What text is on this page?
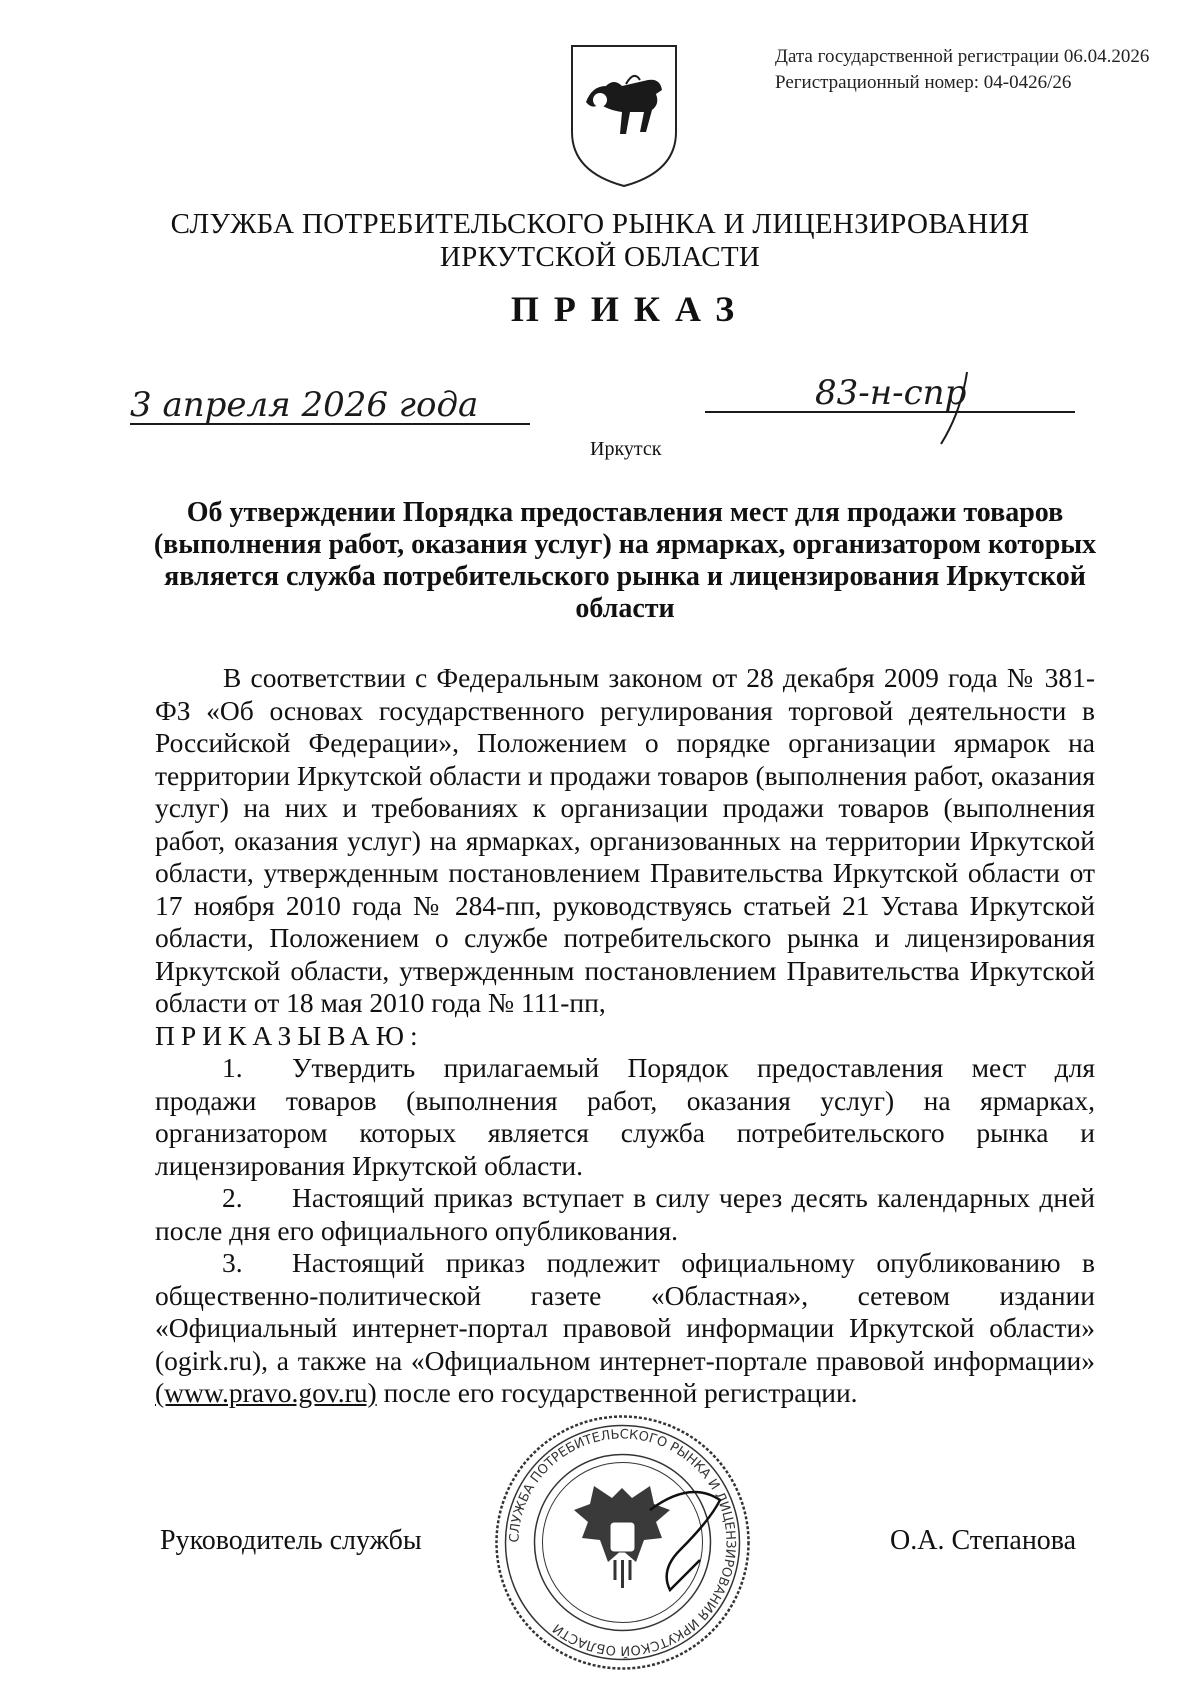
Дата государственной регистрации 06.04.2026
Регистрационный номер: 04-0426/26
СЛУЖБА ПОТРЕБИТЕЛЬСКОГО РЫНКА И ЛИЦЕНЗИРОВАНИЯ
ИРКУТСКОЙ ОБЛАСТИ
ПРИКАЗ
3 апреля 2026 года	83-н-спр
Иркутск
Об утверждении Порядка предоставления мест для продажи товаров (выполнения работ, оказания услуг) на ярмарках, организатором которых является служба потребительского рынка и лицензирования Иркутской области

В соответствии с Федеральным законом от 28 декабря 2009 года № 381-ФЗ «Об основах государственного регулирования торговой деятельности в Российской Федерации», Положением о порядке организации ярмарок на территории Иркутской области и продажи товаров (выполнения работ, оказания услуг) на них и требованиях к организации продажи товаров (выполнения работ, оказания услуг) на ярмарках, организованных на территории Иркутской области, утвержденным постановлением Правительства Иркутской области от 17 ноября 2010 года № 284-пп, руководствуясь статьей 21 Устава Иркутской области, Положением о службе потребительского рынка и лицензирования Иркутской области, утвержденным постановлением Правительства Иркутской области от 18 мая 2010 года № 111-пп,

ПРИКАЗЫВАЮ:

1. Утвердить прилагаемый Порядок предоставления мест для продажи товаров (выполнения работ, оказания услуг) на ярмарках, организатором которых является служба потребительского рынка и лицензирования Иркутской области.

2. Настоящий приказ вступает в силу через десять календарных дней после дня его официального опубликования.

3. Настоящий приказ подлежит официальному опубликованию в общественно-политической газете «Областная», сетевом издании «Официальный интернет-портал правовой информации Иркутской области» (ogirk.ru), а также на «Официальном интернет-портале правовой информации» (www.pravo.gov.ru) после его государственной регистрации.

Руководитель службы	СЛУЖБА ПОТРЕБИТЕЛЬСКОГО РЫНКА И ЛИЦЕНЗИРОВАНИЯ ИРКУТСКОЙ ОБЛАСТИ
О.А. Степанова
